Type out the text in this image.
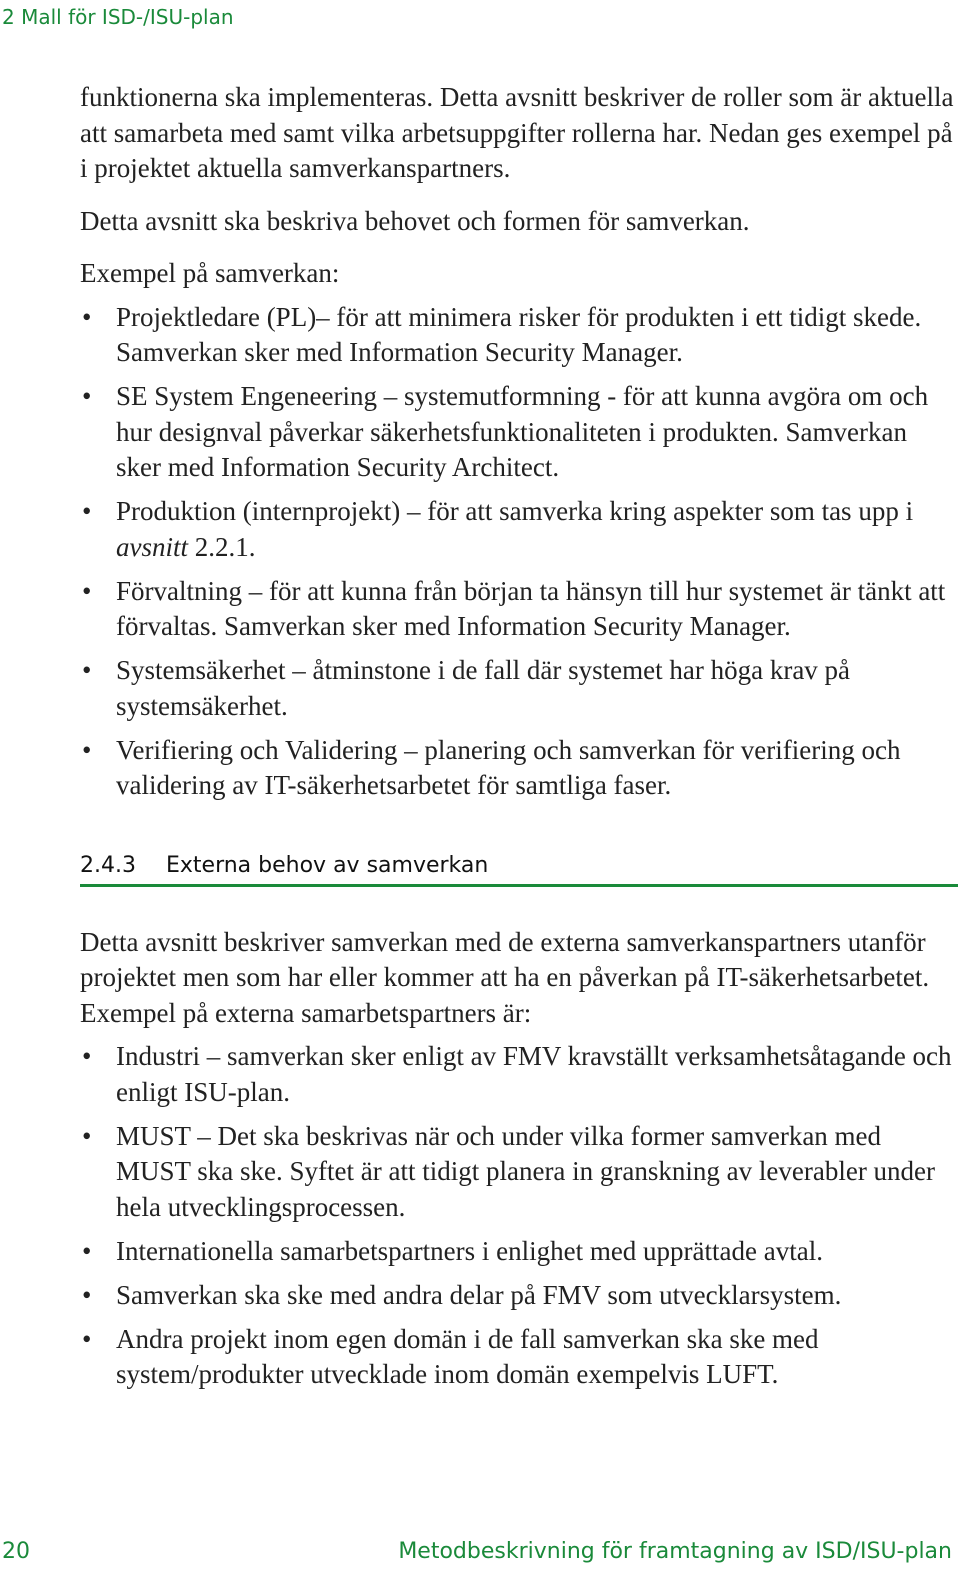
2 Mall för ISD-/ISU-plan

funktionerna ska implementeras. Detta avsnitt beskriver de roller som är aktuella att samarbeta med samt vilka arbetsuppgifter rollerna har. Nedan ges exempel på i projektet aktuella samverkanspartners.

Detta avsnitt ska beskriva behovet och formen för samverkan.

Exempel på samverkan:

• Projektledare (PL)– för att minimera risker för produkten i ett tidigt skede. Samverkan sker med Information Security Manager.
• SE System Engeneering – systemutformning - för att kunna avgöra om och hur designval påverkar säkerhetsfunktionaliteten i produkten. Samverkan sker med Information Security Architect.
• Produktion (internprojekt) – för att samverka kring aspekter som tas upp i avsnitt 2.2.1.
• Förvaltning – för att kunna från början ta hänsyn till hur systemet är tänkt att förvaltas. Samverkan sker med Information Security Manager.
• Systemsäkerhet – åtminstone i de fall där systemet har höga krav på systemsäkerhet.
• Verifiering och Validering – planering och samverkan för verifiering och validering av IT-säkerhetsarbetet för samtliga faser.
2.4.3	Externa behov av samverkan

Detta avsnitt beskriver samverkan med de externa samverkanspartners utanför projektet men som har eller kommer att ha en påverkan på IT-säkerhetsarbetet. Exempel på externa samarbetspartners är:

• Industri – samverkan sker enligt av FMV kravställt verksamhetsåtagande och enligt ISU-plan.
• MUST – Det ska beskrivas när och under vilka former samverkan med MUST ska ske. Syftet är att tidigt planera in granskning av leverabler under hela utvecklingsprocessen.
• Internationella samarbetspartners i enlighet med upprättade avtal.
• Samverkan ska ske med andra delar på FMV som utvecklarsystem.
• Andra projekt inom egen domän i de fall samverkan ska ske med system/produkter utvecklade inom domän exempelvis LUFT.
20	Metodbeskrivning för framtagning av ISD/ISU-plan
